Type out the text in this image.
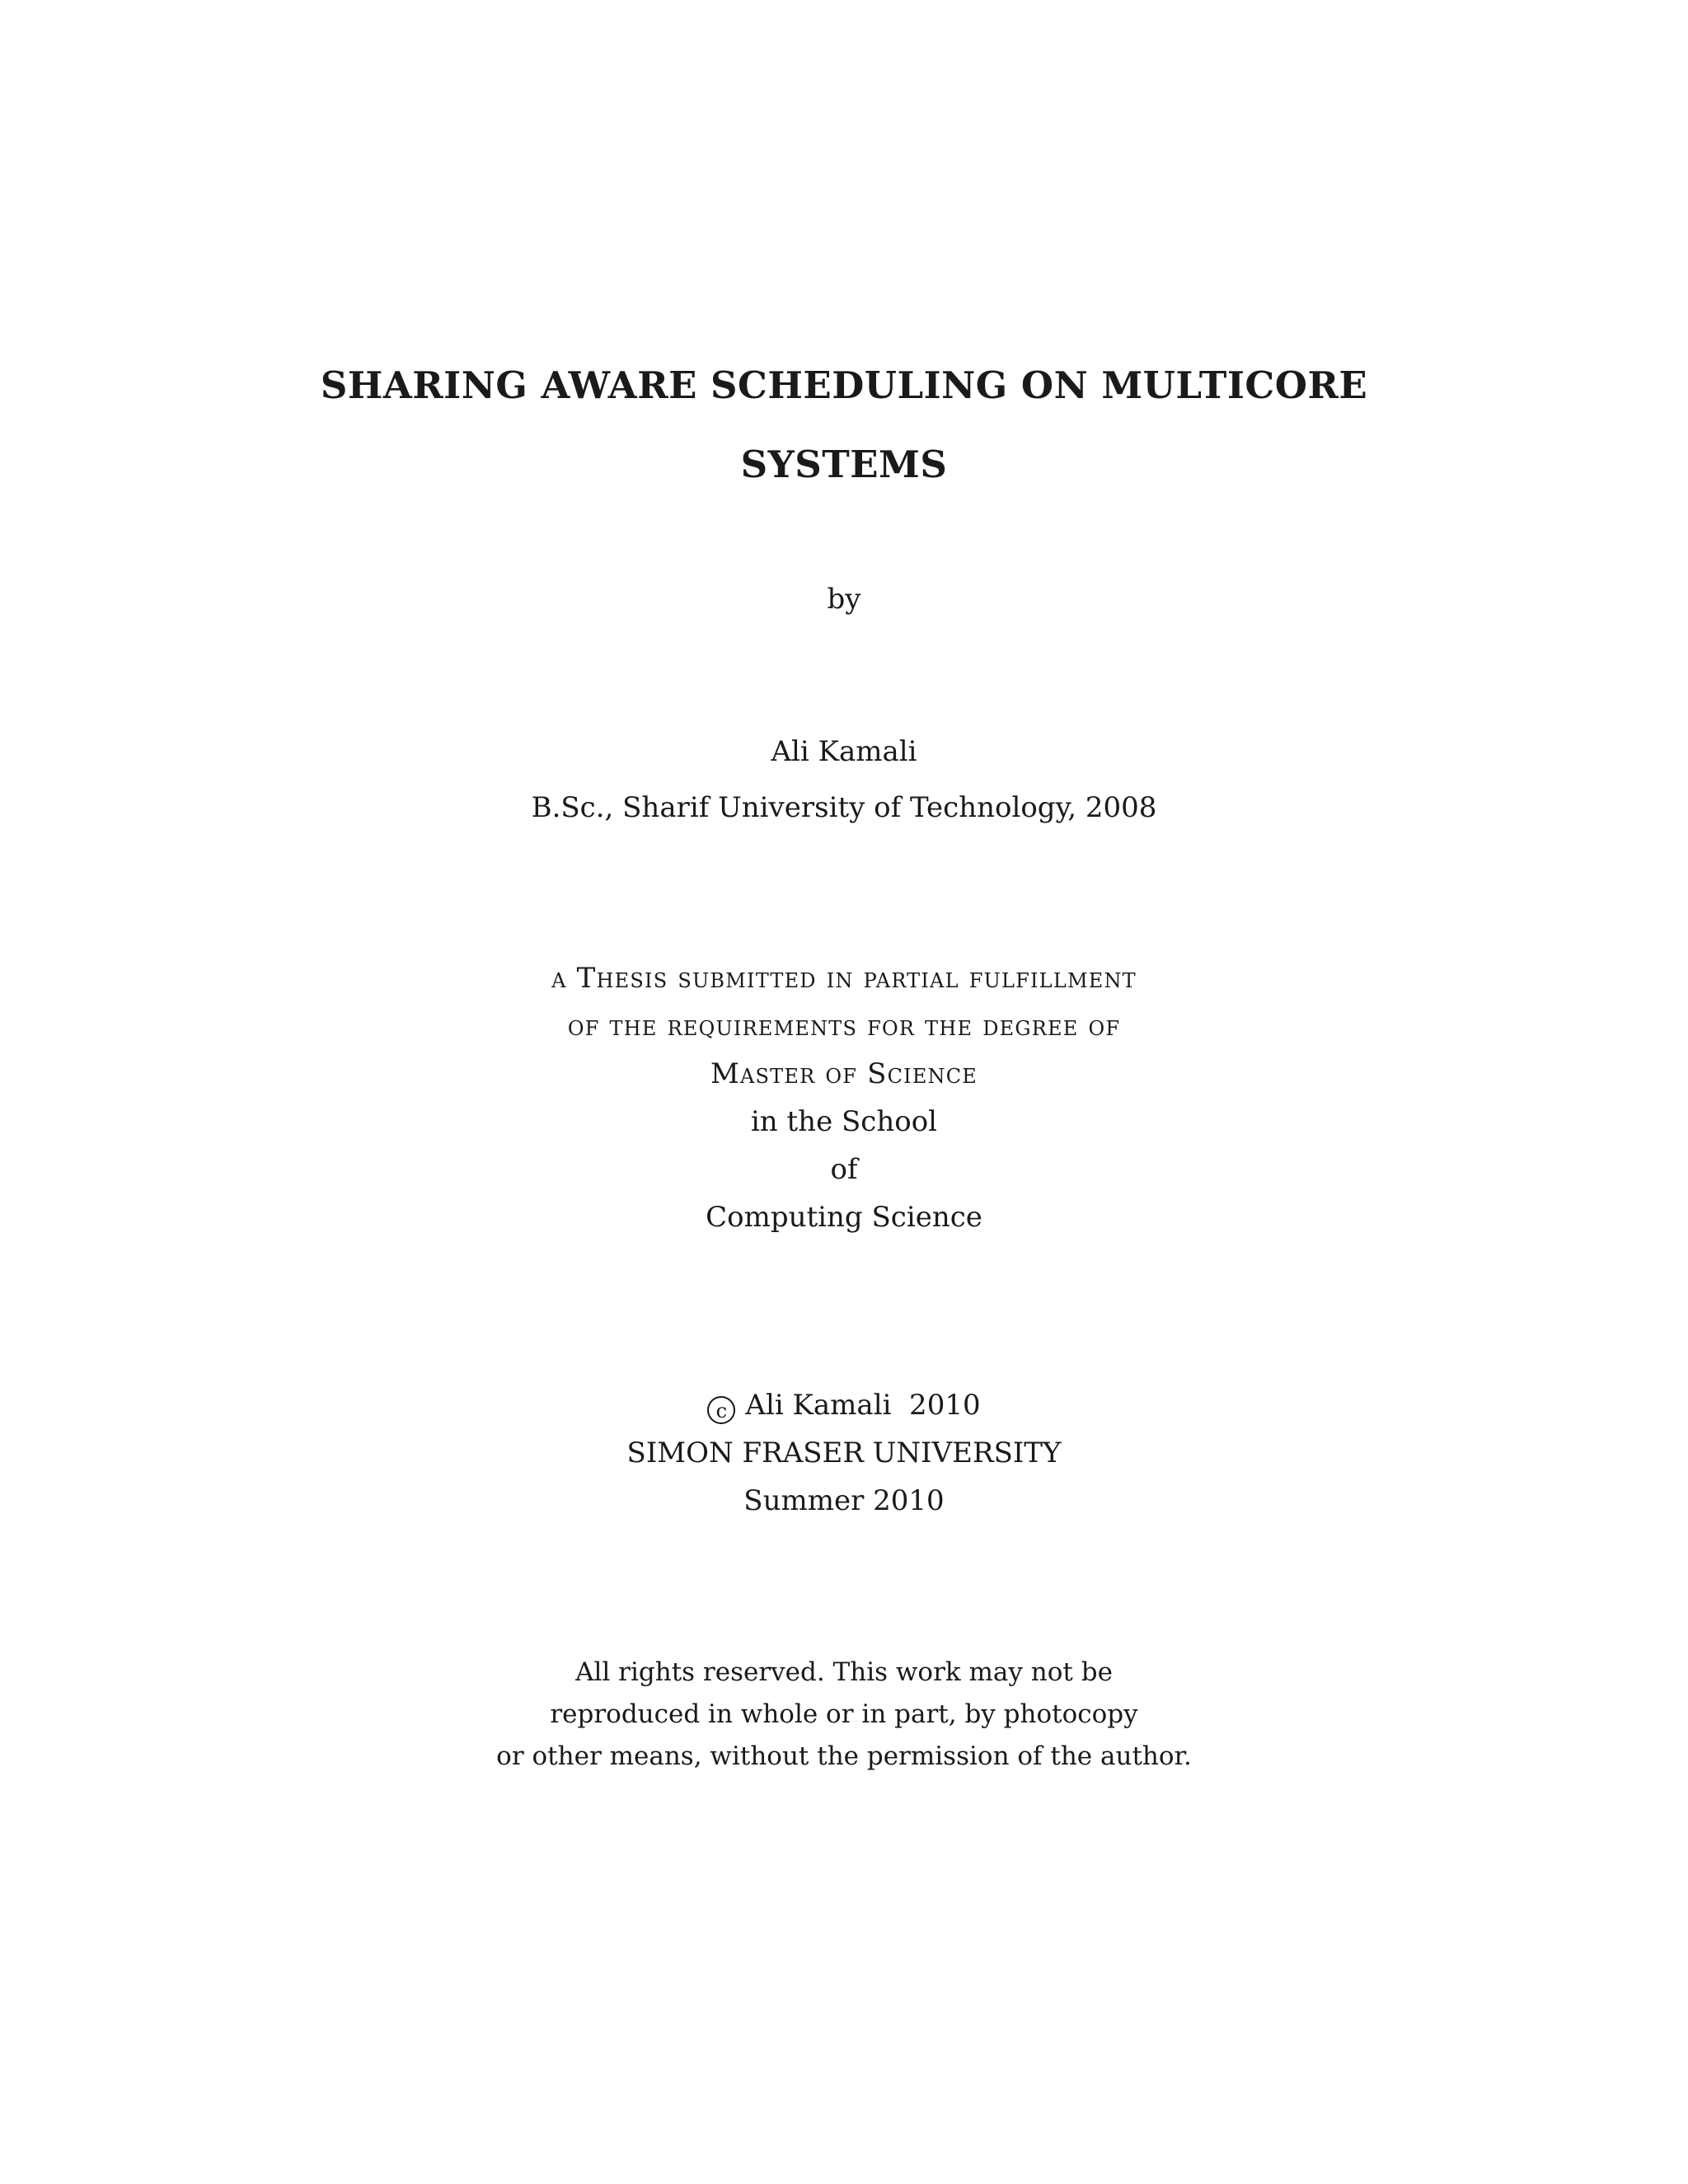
SHARING AWARE SCHEDULING ON MULTICORE
SYSTEMS
by
Ali Kamali
B.Sc., Sharif University of Technology, 2008
a Thesis submitted in partial fulfillment
of the requirements for the degree of
Master of Science
in the School
of
Computing Science
c Ali Kamali  2010
SIMON FRASER UNIVERSITY
Summer 2010
All rights reserved. This work may not be
reproduced in whole or in part, by photocopy
or other means, without the permission of the author.
